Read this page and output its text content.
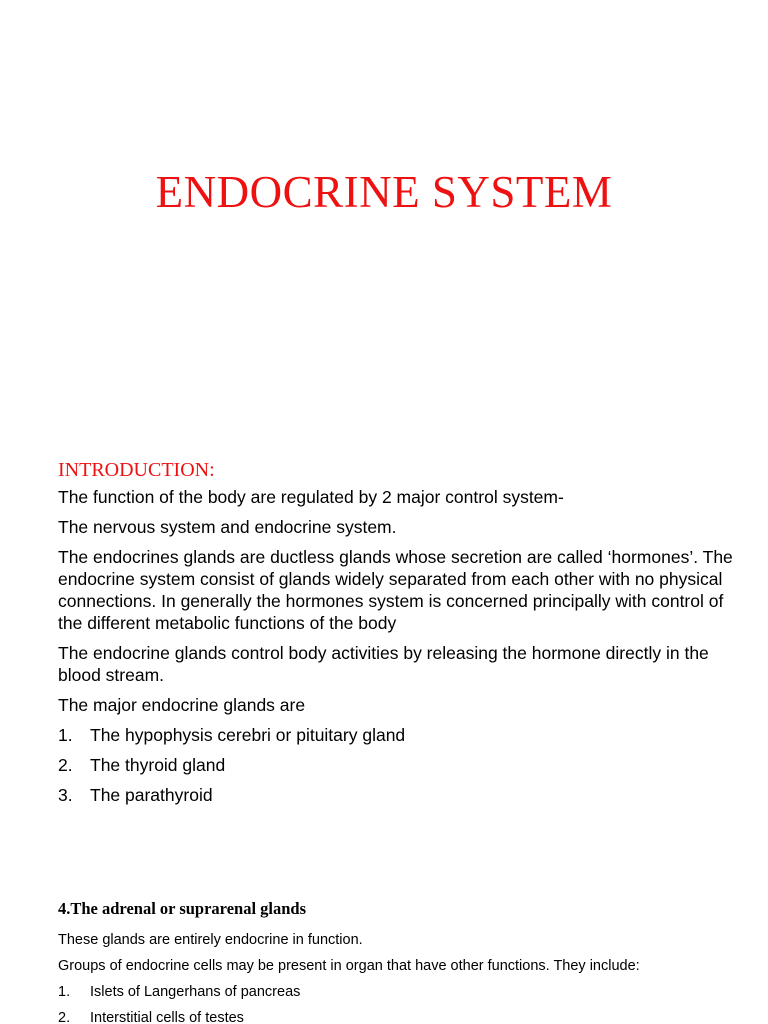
ENDOCRINE SYSTEM
INTRODUCTION:

The function of the body are regulated by 2 major control system-

The nervous system and endocrine system.

The endocrines glands are ductless glands whose secretion are called ‘hormones’. The endocrine system consist of glands widely separated from each other with no physical connections. In generally the hormones system is concerned principally with control of the different metabolic functions of the body

The endocrine glands control body activities by releasing the hormone directly in the blood stream.

The major endocrine glands are

1. The hypophysis cerebri or pituitary gland
2. The thyroid gland
3. The parathyroid
4.The adrenal or suprarenal glands

These glands are entirely endocrine in function.

Groups of endocrine cells may be present in organ that have other functions. They include:

1.	Islets of Langerhans of pancreas
2.	Interstitial cells of testes
